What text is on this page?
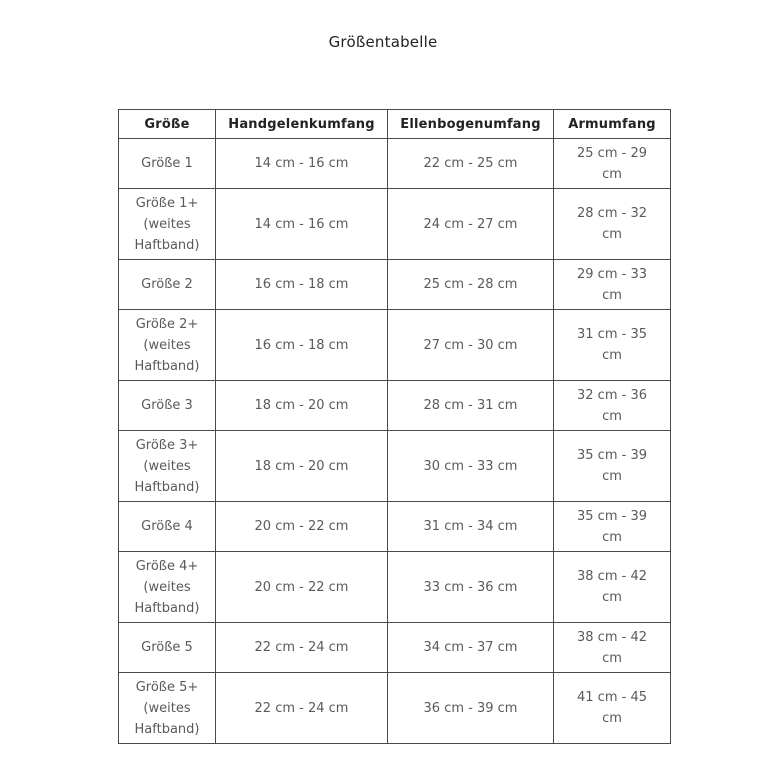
Größentabelle
Größe	Handgelenkumfang	Ellenbogenumfang	Armumfang
Größe 1	14 cm - 16 cm	22 cm - 25 cm	25 cm - 29
cm
Größe 1+
(weites
Haftband)	14 cm - 16 cm	24 cm - 27 cm	28 cm - 32
cm
Größe 2	16 cm - 18 cm	25 cm - 28 cm	29 cm - 33
cm
Größe 2+
(weites
Haftband)	16 cm - 18 cm	27 cm - 30 cm	31 cm - 35
cm
Größe 3	18 cm - 20 cm	28 cm - 31 cm	32 cm - 36
cm
Größe 3+
(weites
Haftband)	18 cm - 20 cm	30 cm - 33 cm	35 cm - 39
cm
Größe 4	20 cm - 22 cm	31 cm - 34 cm	35 cm - 39
cm
Größe 4+
(weites
Haftband)	20 cm - 22 cm	33 cm - 36 cm	38 cm - 42
cm
Größe 5	22 cm - 24 cm	34 cm - 37 cm	38 cm - 42
cm
Größe 5+
(weites
Haftband)	22 cm - 24 cm	36 cm - 39 cm	41 cm - 45
cm
